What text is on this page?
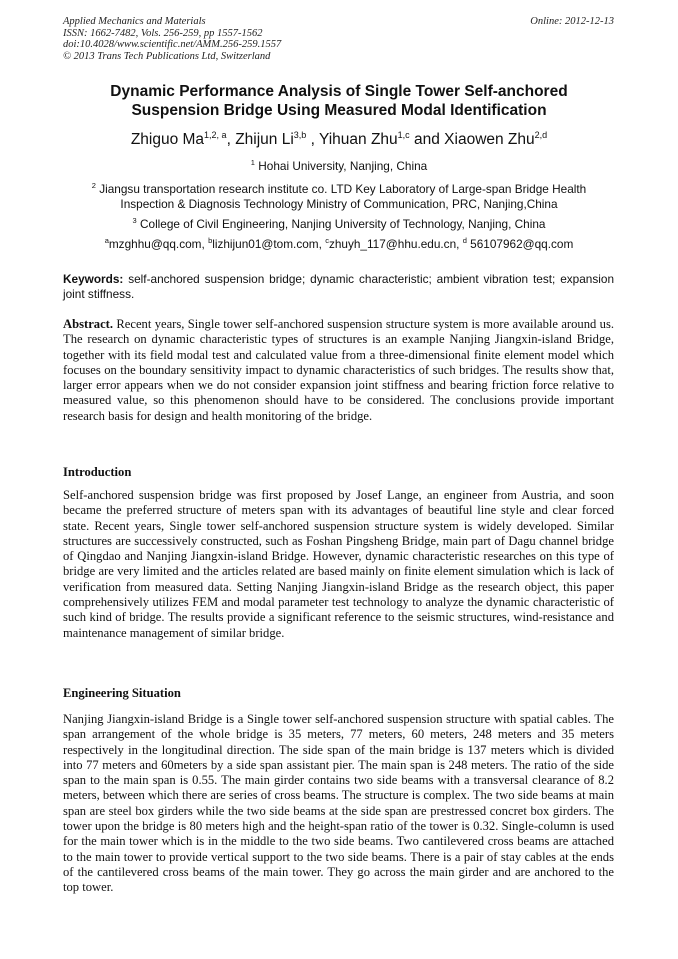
Applied Mechanics and Materials
ISSN: 1662-7482, Vols. 256-259, pp 1557-1562
doi:10.4028/www.scientific.net/AMM.256-259.1557
© 2013 Trans Tech Publications Ltd, Switzerland
Online: 2012-12-13
Dynamic Performance Analysis of Single Tower Self-anchored
Suspension Bridge Using Measured Modal Identification
Zhiguo Ma$^{1,2, a}$, Zhijun Li$^{3,b}$ , Yihuan Zhu$^{1,c}$ and Xiaowen Zhu$^{2,d}$
$^1$ Hohai University, Nanjing, China
$^2$ Jiangsu transportation research institute co. LTD Key Laboratory of Large-span Bridge Health
Inspection & Diagnosis Technology Ministry of Communication, PRC, Nanjing,China
$^3$ College of Civil Engineering, Nanjing University of Technology, Nanjing, China
$^a$mzghhu@qq.com, $^b$lizhijun01@tom.com, $^c$zhuyh_117@hhu.edu.cn, $^d$ 56107962@qq.com
Keywords: self-anchored suspension bridge; dynamic characteristic; ambient vibration test; expansion joint stiffness.
Abstract. Recent years, Single tower self-anchored suspension structure system is more available around us. The research on dynamic characteristic types of structures is an example Nanjing Jiangxin-island Bridge, together with its field modal test and calculated value from a three-dimensional finite element model which focuses on the boundary sensitivity impact to dynamic characteristics of such bridges. The results show that, larger error appears when we do not consider expansion joint stiffness and bearing friction force relative to measured value, so this phenomenon should have to be considered. The conclusions provide important research basis for design and health monitoring of the bridge.
Introduction
Self-anchored suspension bridge was first proposed by Josef Lange, an engineer from Austria, and soon became the preferred structure of meters span with its advantages of beautiful line style and clear forced state. Recent years, Single tower self-anchored suspension structure system is widely developed. Similar structures are successively constructed, such as Foshan Pingsheng Bridge, main part of Dagu channel bridge of Qingdao and Nanjing Jiangxin-island Bridge. However, dynamic characteristic researches on this type of bridge are very limited and the articles related are based mainly on finite element simulation which is lack of verification from measured data. Setting Nanjing Jiangxin-island Bridge as the research object, this paper comprehensively utilizes FEM and modal parameter test technology to analyze the dynamic characteristic of such kind of bridge. The results provide a significant reference to the seismic structures, wind-resistance and maintenance management of similar bridge.
Engineering Situation
Nanjing Jiangxin-island Bridge is a Single tower self-anchored suspension structure with spatial cables. The span arrangement of the whole bridge is 35 meters, 77 meters, 60 meters, 248 meters and 35 meters respectively in the longitudinal direction. The side span of the main bridge is 137 meters which is divided into 77 meters and 60meters by a side span assistant pier. The main span is 248 meters. The ratio of the side span to the main span is 0.55. The main girder contains two side beams with a transversal clearance of 8.2 meters, between which there are series of cross beams. The structure is complex. The two side beams at main span are steel box girders while the two side beams at the side span are prestressed concret box girders. The tower upon the bridge is 80 meters high and the height-span ratio of the tower is 0.32. Single-column is used for the main tower which is in the middle to the two side beams. Two cantilevered cross beams are attached to the main tower to provide vertical support to the two side beams. There is a pair of stay cables at the ends of the cantilevered cross beams of the main tower. They go across the main girder and are anchored to the top tower.
